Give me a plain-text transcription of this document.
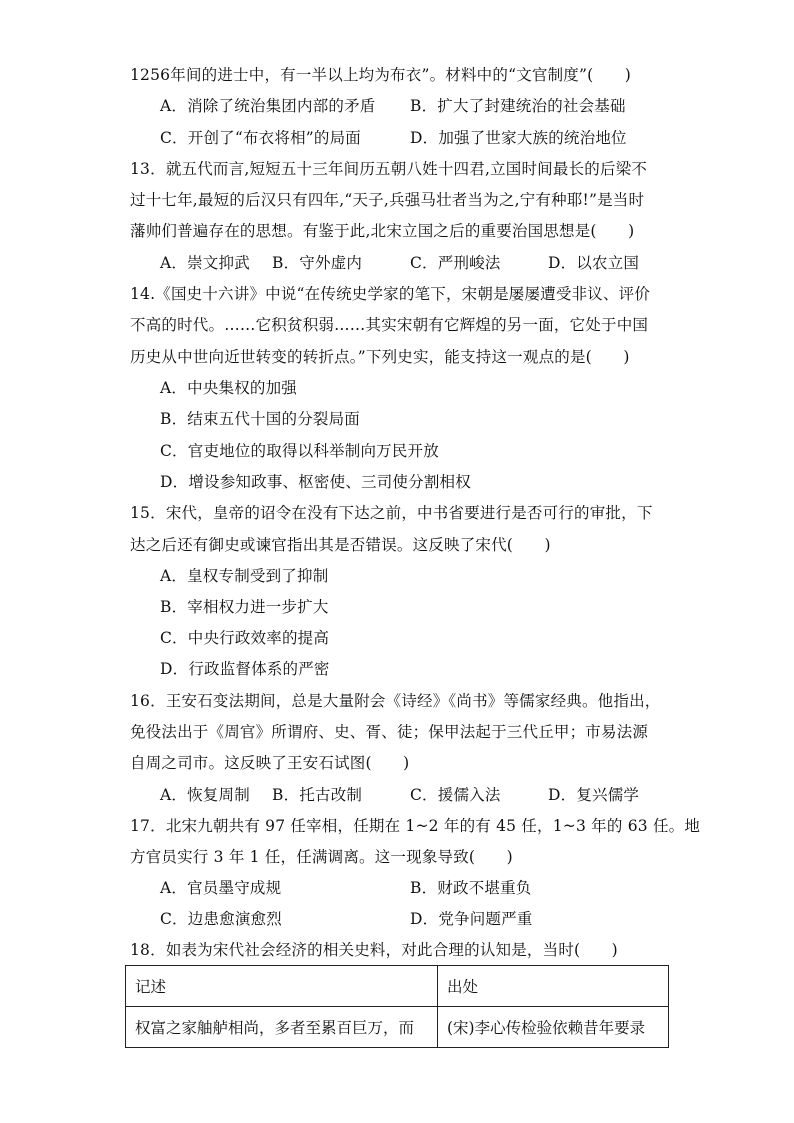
1256年间的进士中，有一半以上均为布衣”。材料中的“文官制度”(　　)
A．消除了统治集团内部的矛盾 B．扩大了封建统治的社会基础
C．开创了“布衣将相”的局面	D．加强了世家大族的统治地位
13．就五代而言,短短五十三年间历五朝八姓十四君,立国时间最长的后梁不
过十七年,最短的后汉只有四年,“天子,兵强马壮者当为之,宁有种耶!”是当时
藩帅们普遍存在的思想。有鉴于此,北宋立国之后的重要治国思想是(　　)
A．崇文抑武 B．守外虚内	C．严刑峻法	D．以农立国
14.《国史十六讲》中说“在传统史学家的笔下，宋朝是屡屡遭受非议、评价
不高的时代。……它积贫积弱……其实宋朝有它辉煌的另一面，它处于中国
历史从中世向近世转变的转折点。”下列史实，能支持这一观点的是(　　)
A．中央集权的加强
B．结束五代十国的分裂局面
C．官吏地位的取得以科举制向万民开放
D．增设参知政事、枢密使、三司使分割相权
15．宋代，皇帝的诏令在没有下达之前，中书省要进行是否可行的审批，下
达之后还有御史或谏官指出其是否错误。这反映了宋代(　　)
A．皇权专制受到了抑制
B．宰相权力进一步扩大
C．中央行政效率的提高
D．行政监督体系的严密
16．王安石变法期间，总是大量附会《诗经》《尚书》等儒家经典。他指出，
免役法出于《周官》所谓府、史、胥、徒；保甲法起于三代丘甲；市易法源
自周之司市。这反映了王安石试图(　　)
A．恢复周制 B．托古改制	C．援儒入法	D．复兴儒学
17．北宋九朝共有 97 任宰相，任期在 1~2 年的有 45 任，1~3 年的 63 任。地
方官员实行 3 年 1 任，任满调离。这一现象导致(　　)
A．官员墨守成规	B．财政不堪重负
C．边患愈演愈烈	D．党争问题严重
18．如表为宋代社会经济的相关史料，对此合理的认知是，当时(　　)
记述	出处
权富之家舳舻相尚，多者至累百巨万，而	(宋)李心传检验依赖昔年要录
